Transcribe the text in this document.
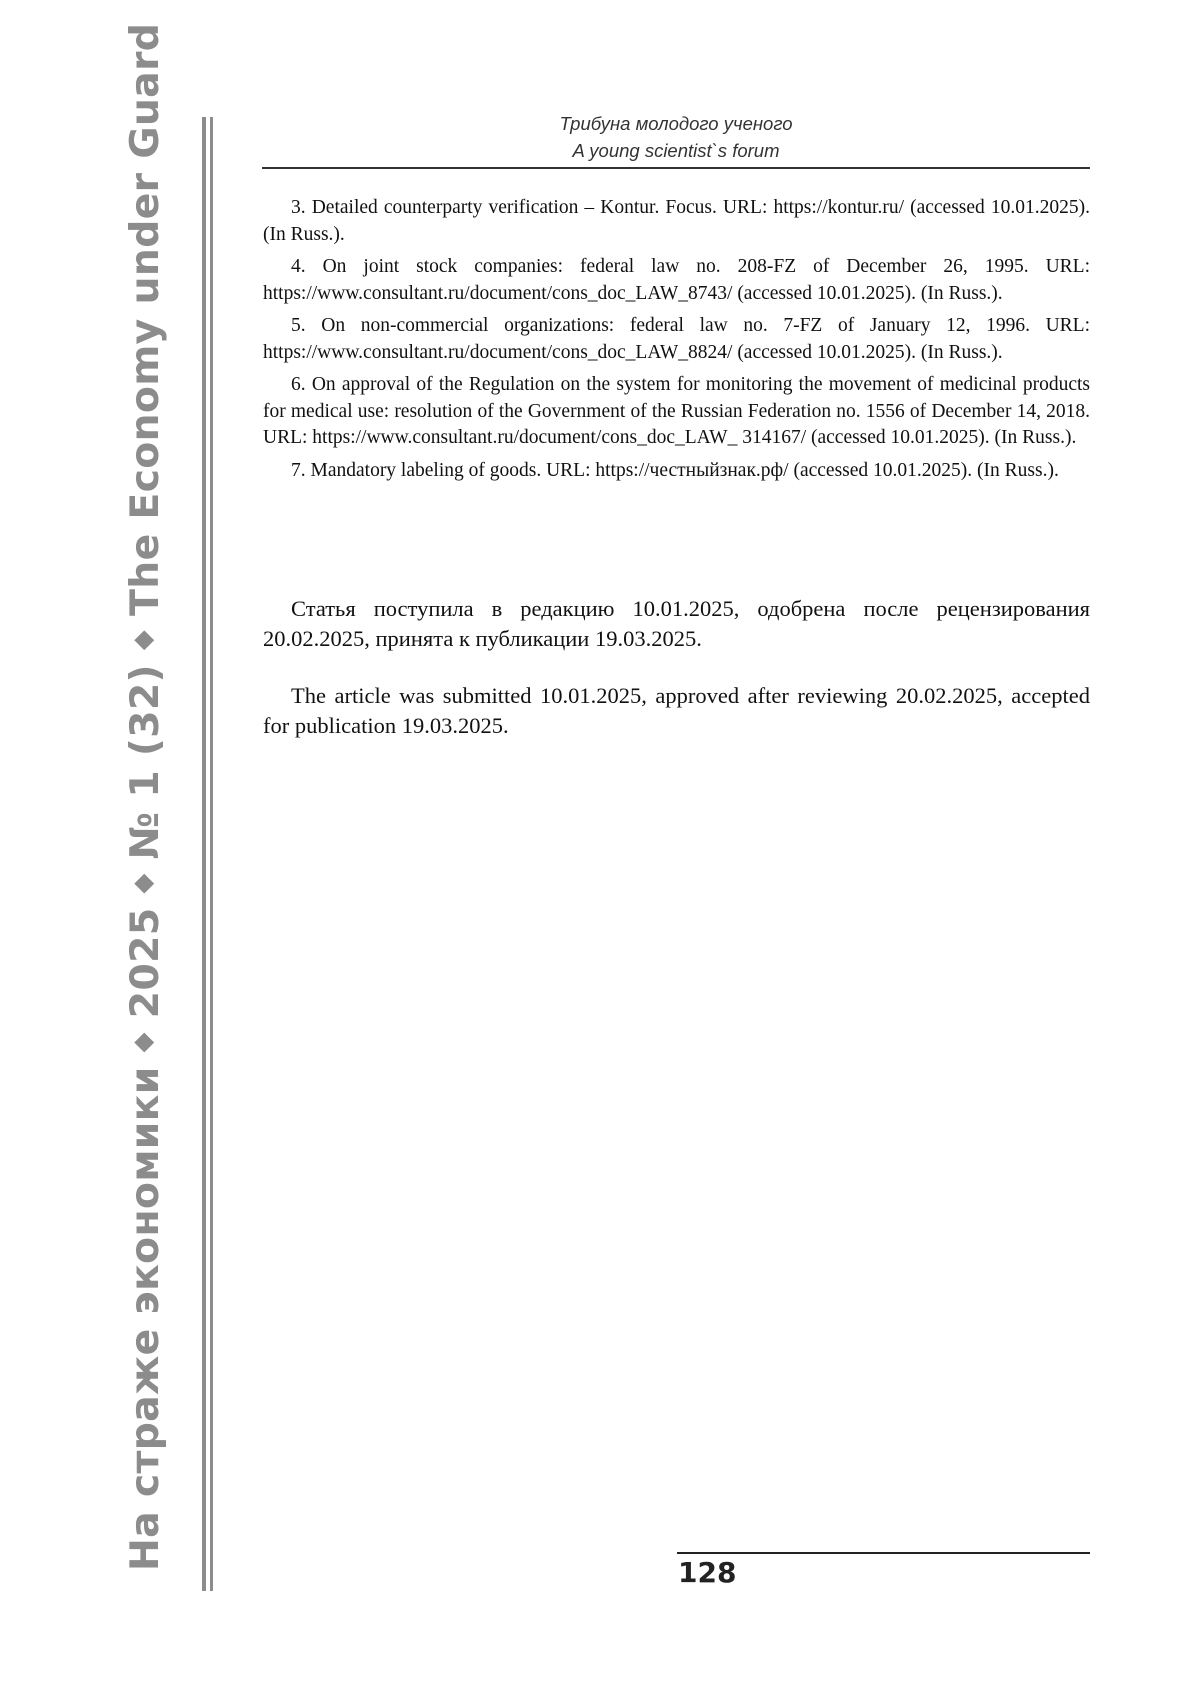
На страже экономики
◆
2025
◆
№ 1 (32)
◆
The Economy under Guard	Трибуна молодого ученого
A young scientist`s forum

3. Detailed counterparty verification – Kontur. Focus. URL: https://kontur.ru/ (accessed 10.01.2025). (In Russ.).

4. On joint stock companies: federal law no. 208-FZ of December 26, 1995. URL: https://www.consultant.ru/document/cons_doc_LAW_8743/ (accessed 10.01.2025). (In Russ.).

5. On non-commercial organizations: federal law no. 7-FZ of January 12, 1996. URL: https://www.consultant.ru/document/cons_doc_LAW_8824/ (accessed 10.01.2025). (In Russ.).

6. On approval of the Regulation on the system for monitoring the movement of medicinal products for medical use: resolution of the Government of the Russian Federation no. 1556 of December 14, 2018. URL: https://www.consultant.ru/document/cons_doc_LAW_ 314167/ (accessed 10.01.2025). (In Russ.).

7. Mandatory labeling of goods. URL: https://честныйзнак.рф/ (accessed 10.01.2025). (In Russ.).

Статья поступила в редакцию 10.01.2025, одобрена после рецензирования 20.02.2025, принята к публикации 19.03.2025.

The article was submitted 10.01.2025, approved after reviewing 20.02.2025, accepted for publication 19.03.2025.

128
